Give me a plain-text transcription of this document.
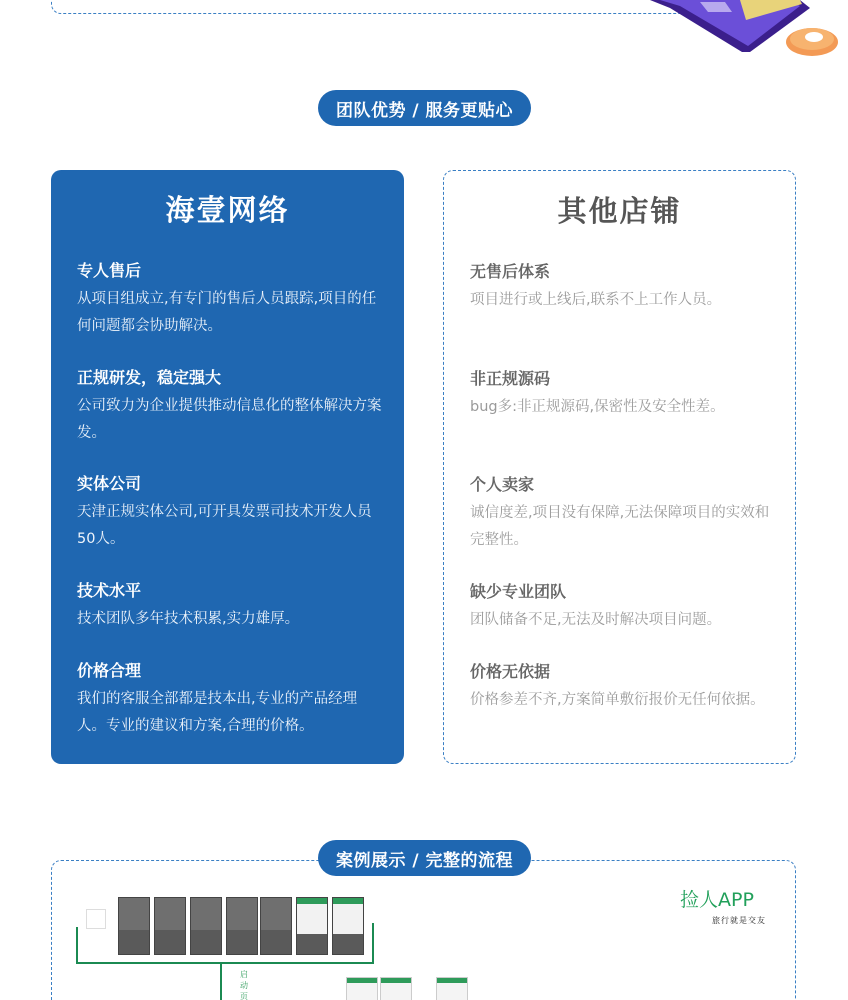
团队优势 / 服务更贴心
海壹网络
专人售后
从项目组成立,有专门的售后人员跟踪,项目的任何问题都会协助解决。
正规研发，稳定强大
公司致力为企业提供推动信息化的整体解决方案发。
实体公司
天津正规实体公司,可开具发票司技术开发人员50人。
技术水平
技术团队多年技术积累,实力雄厚。
价格合理
我们的客服全部都是技本出,专业的产品经理人。专业的建议和方案,合理的价格。
其他店铺
无售后体系
项目进行或上线后,联系不上工作人员。
非正规源码
bug多:非正规源码,保密性及安全性差。
个人卖家
诚信度差,项目没有保障,无法保障项目的实效和完整性。
缺少专业团队
团队储备不足,无法及时解决项目问题。
价格无依据
价格参差不齐,方案简单敷衍报价无任何依据。
捡人APP
旅行就是交友
启动页
案例展示 / 完整的流程
